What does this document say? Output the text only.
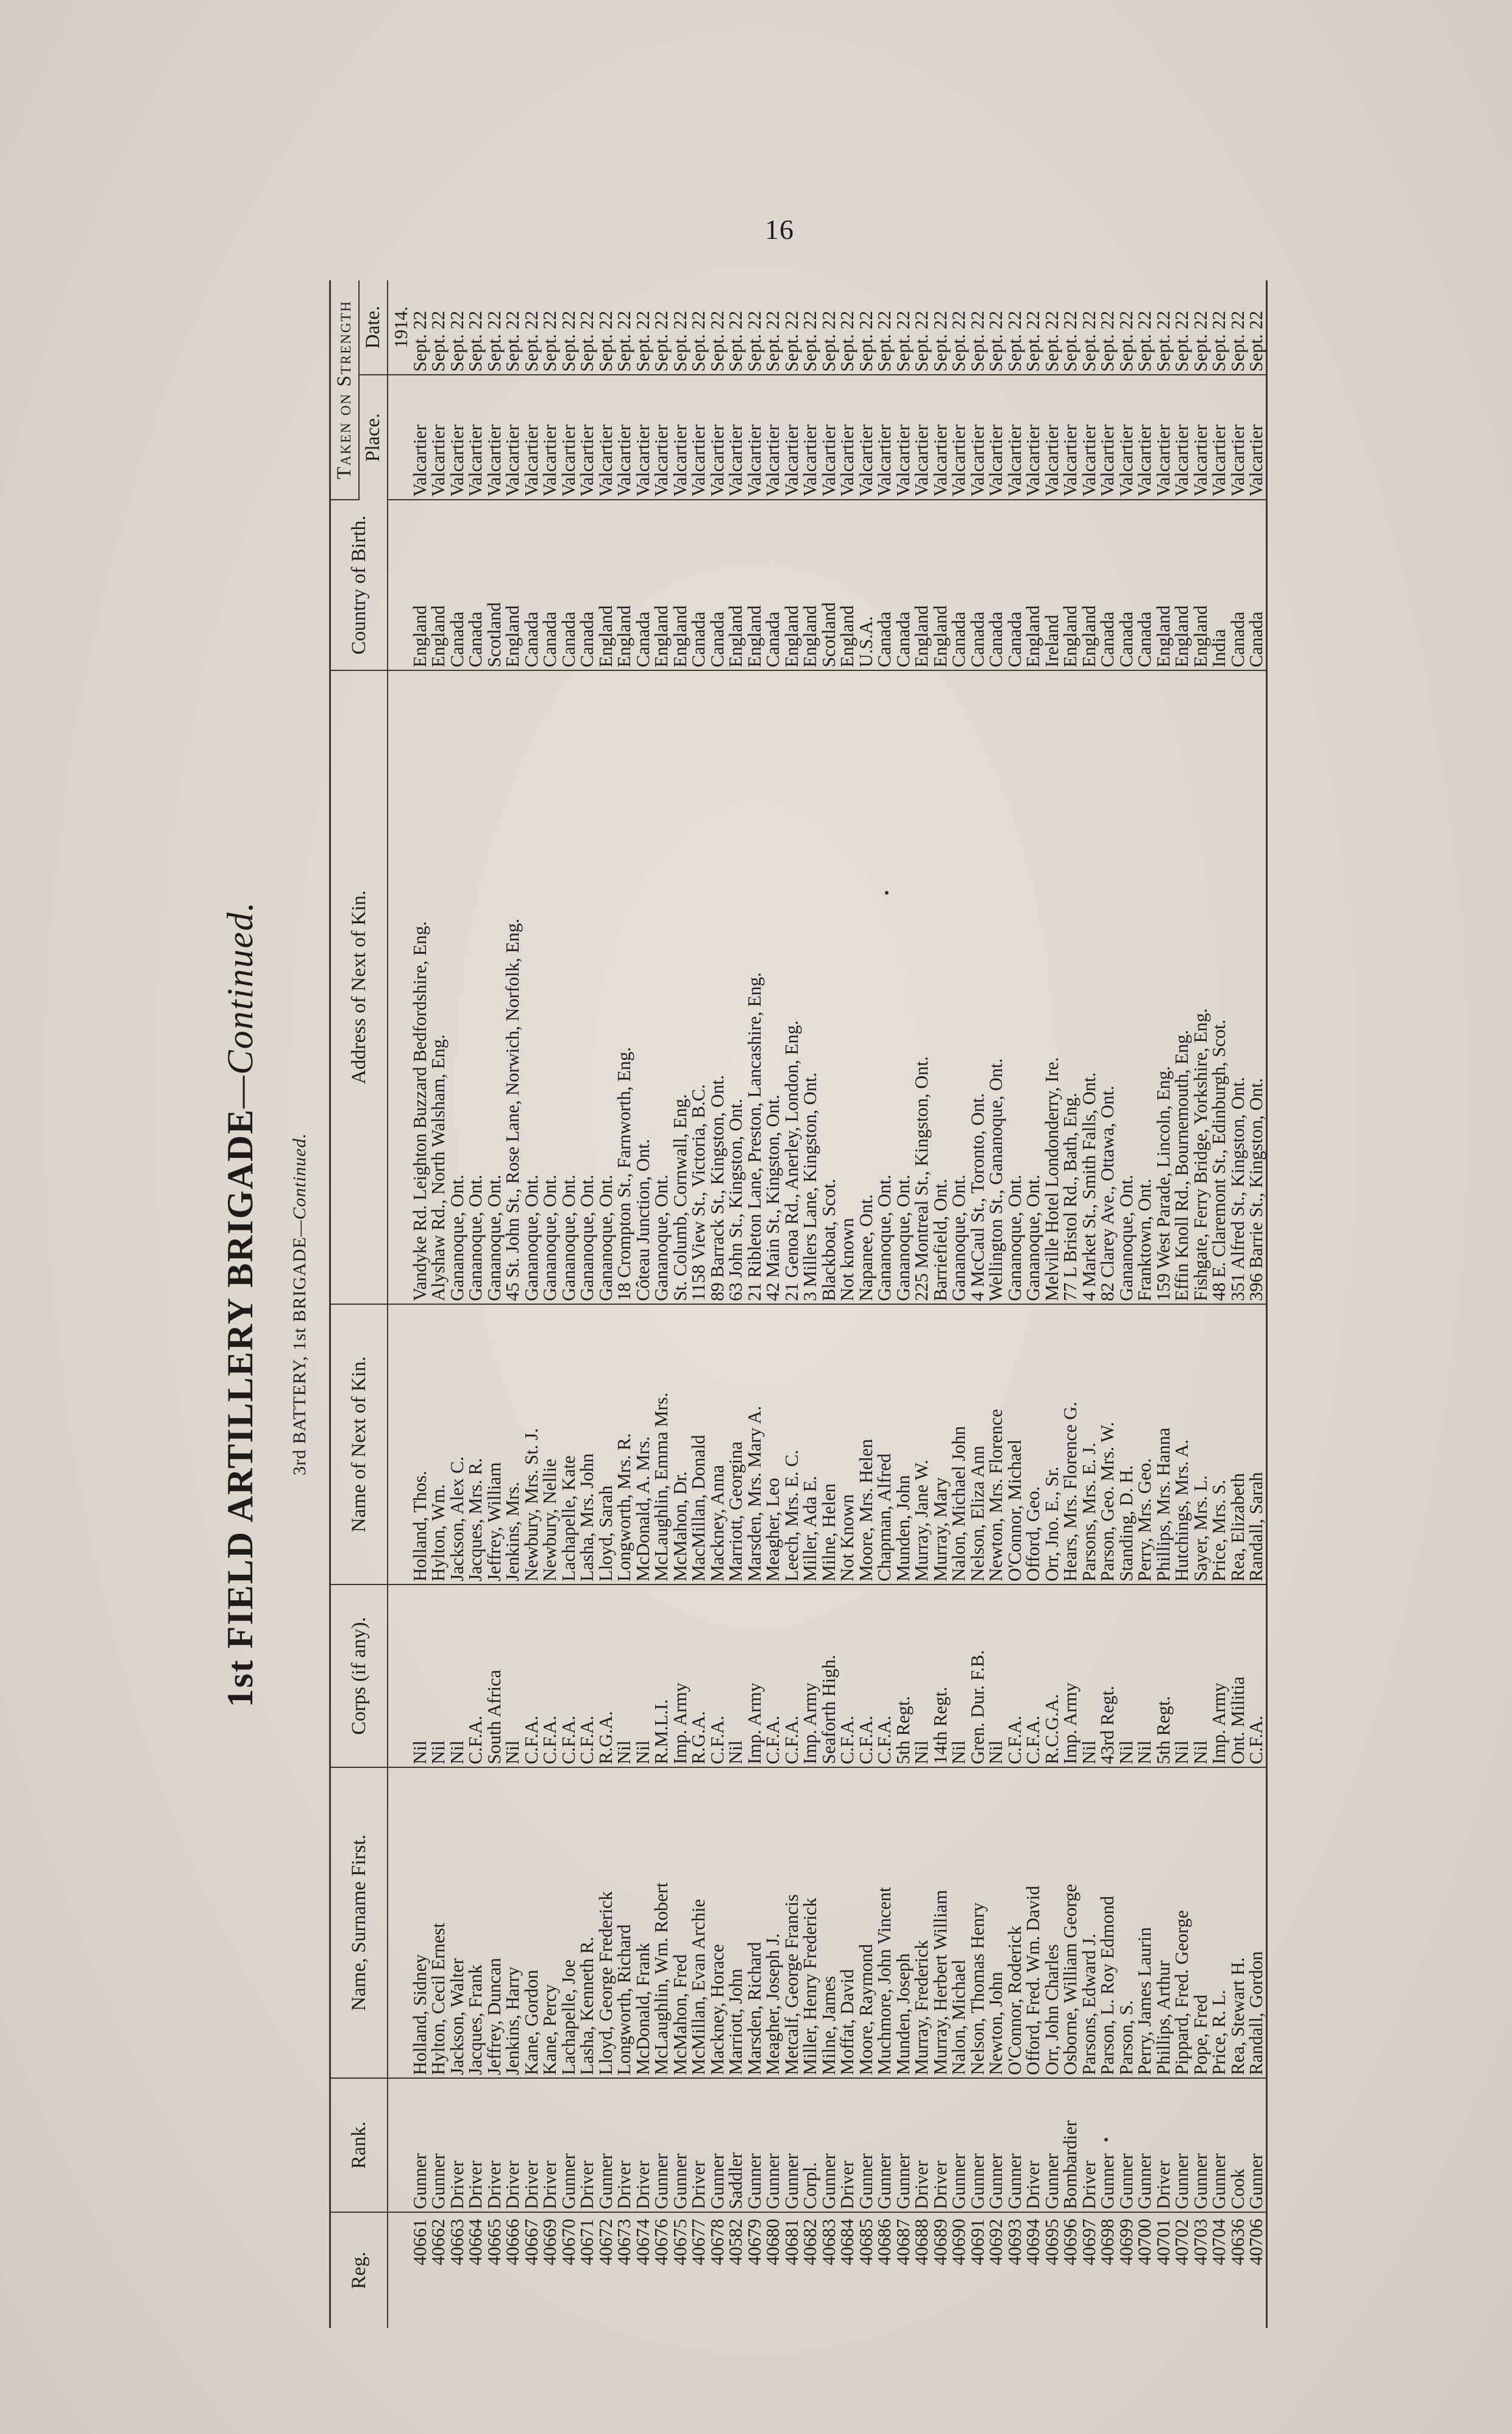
16
1st FIELD ARTILLERY BRIGADE—Continued.
3rd BATTERY, 1st BRIGADE—Continued.
Reg.	Rank.	Name, Surname First.	Corps (if any).	Name of Next of Kin.	Address of Next of Kin.	Country of Birth.	Taken on Strength	
							Place.	Date.
								1914.
40661	Gunner	Holland, Sidney	Nil	Holland, Thos.	Vandyke Rd. Leighton Buzzard Bedfordshire, Eng.	England	Valcartier	Sept. 22
40662	Gunner	Hylton, Cecil Ernest	Nil	Hylton, Wm.	Alyshaw Rd., North Walsham, Eng.	England	Valcartier	Sept. 22
40663	Driver	Jackson, Walter	Nil	Jackson, Alex C.	Gananoque, Ont.	Canada	Valcartier	Sept. 22
40664	Driver	Jacques, Frank	C.F.A.	Jacques, Mrs. R.	Gananoque, Ont.	Canada	Valcartier	Sept. 22
40665	Driver	Jeffrey, Duncan	South Africa	Jeffrey, William	Gananoque, Ont.	Scotland	Valcartier	Sept. 22
40666	Driver	Jenkins, Harry	Nil	Jenkins, Mrs.	45 St. John St., Rose Lane, Norwich, Norfolk, Eng.	England	Valcartier	Sept. 22
40667	Driver	Kane, Gordon	C.F.A.	Newbury, Mrs. St. J.	Gananoque, Ont.	Canada	Valcartier	Sept. 22
40669	Driver	Kane, Percy	C.F.A.	Newbury, Nellie	Gananoque, Ont.	Canada	Valcartier	Sept. 22
40670	Gunner	Lachapelle, Joe	C.F.A.	Lachapelle, Kate	Gananoque, Ont.	Canada	Valcartier	Sept. 22
40671	Driver	Lasha, Kenneth R.	C.F.A.	Lasha, Mrs. John	Gananoque, Ont.	Canada	Valcartier	Sept. 22
40672	Gunner	Lloyd, George Frederick	R.G.A.	Lloyd, Sarah	Gananoque, Ont.	England	Valcartier	Sept. 22
40673	Driver	Longworth, Richard	Nil	Longworth, Mrs. R.	18 Crompton St., Farnworth, Eng.	England	Valcartier	Sept. 22
40674	Driver	McDonald, Frank	Nil	McDonald, A. Mrs.	Côteau Junction, Ont.	Canada	Valcartier	Sept. 22
40676	Gunner	McLaughlin, Wm. Robert	R.M.L.I.	McLaughlin, Emma Mrs.	Gananoque, Ont.	England	Valcartier	Sept. 22
40675	Gunner	McMahon, Fred	Imp. Army	McMahon, Dr.	St. Columb, Cornwall, Eng.	England	Valcartier	Sept. 22
40677	Driver	McMillan, Evan Archie	R.G.A.	MacMillan, Donald	1158 View St., Victoria, B.C.	Canada	Valcartier	Sept. 22
40678	Gunner	Mackney, Horace	C.F.A.	Mackney, Anna	89 Barrack St., Kingston, Ont.	Canada	Valcartier	Sept. 22
40582	Saddler	Marriott, John	Nil	Marriott, Georgina	63 John St., Kingston, Ont.	England	Valcartier	Sept. 22
40679	Gunner	Marsden, Richard	Imp. Army	Marsden, Mrs. Mary A.	21 Ribleton Lane, Preston, Lancashire, Eng.	England	Valcartier	Sept. 22
40680	Gunner	Meagher, Joseph J.	C.F.A.	Meagher, Leo	42 Main St., Kingston, Ont.	Canada	Valcartier	Sept. 22
40681	Gunner	Metcalf, George Francis	C.F.A.	Leech, Mrs. E. C.	21 Genoa Rd., Anerley, London, Eng.	England	Valcartier	Sept. 22
40682	Corpl.	Miller, Henry Frederick	Imp. Army	Miller, Ada E.	3 Millers Lane, Kingston, Ont.	England	Valcartier	Sept. 22
40683	Gunner	Milne, James	Seaforth High.	Milne, Helen	Blackboat, Scot.	Scotland	Valcartier	Sept. 22
40684	Driver	Moffat, David	C.F.A.	Not Known	Not known	England	Valcartier	Sept. 22
40685	Gunner	Moore, Raymond	C.F.A.	Moore, Mrs. Helen	Napanee, Ont.	U.S.A.	Valcartier	Sept. 22
40686	Gunner	Muchmore, John Vincent	C.F.A.	Chapman, Alfred	Gananoque, Ont.	Canada	Valcartier	Sept. 22
40687	Gunner	Munden, Joseph	5th Regt.	Munden, John	Gananoque, Ont.	Canada	Valcartier	Sept. 22
40688	Driver	Murray, Frederick	Nil	Murray, Jane W.	225 Montreal St., Kingston, Ont.	England	Valcartier	Sept. 22
40689	Driver	Murray, Herbert William	14th Regt.	Murray, Mary	Barriefield, Ont.	England	Valcartier	Sept. 22
40690	Gunner	Nalon, Michael	Nil	Nalon, Michael John	Gananoque, Ont.	Canada	Valcartier	Sept. 22
40691	Gunner	Nelson, Thomas Henry	Gren. Dur. F.B.	Nelson, Eliza Ann	4 McCaul St., Toronto, Ont.	Canada	Valcartier	Sept. 22
40692	Gunner	Newton, John	Nil	Newton, Mrs. Florence	Wellington St., Gananoque, Ont.	Canada	Valcartier	Sept. 22
40693	Gunner	O'Connor, Roderick	C.F.A.	O'Connor, Michael	Gananoque, Ont.	Canada	Valcartier	Sept. 22
40694	Driver	Offord, Fred. Wm. David	C.F.A.	Offord, Geo.	Gananoque, Ont.	England	Valcartier	Sept. 22
40695	Gunner	Orr, John Charles	R.C.G.A.	Orr, Jno. E., Sr.	Melville Hotel Londonderry, Ire.	Ireland	Valcartier	Sept. 22
40696	Bombardier	Osborne, William George	Imp. Army	Hears, Mrs. Florence G.	77 L Bristol Rd., Bath, Eng.	England	Valcartier	Sept. 22
40697	Driver	Parsons, Edward J.	Nil	Parsons, Mrs. E. J.	4 Market St., Smith Falls, Ont.	England	Valcartier	Sept. 22
40698	Gunner	Parson, L. Roy Edmond	43rd Regt.	Parson, Geo. Mrs. W.	82 Clarey Ave., Ottawa, Ont.	Canada	Valcartier	Sept. 22
40699	Gunner	Parson, S.	Nil	Standing, D. H.	Gananoque, Ont.	Canada	Valcartier	Sept. 22
40700	Gunner	Perry, James Laurin	Nil	Perry, Mrs. Geo.	Franktown, Ont.	Canada	Valcartier	Sept. 22
40701	Driver	Phillips, Arthur	5th Regt.	Phillips, Mrs. Hanna	159 West Parade, Lincoln, Eng.	England	Valcartier	Sept. 22
40702	Gunner	Pippard, Fred. George	Nil	Hutchings, Mrs. A.	Effin Knoll Rd., Bournemouth, Eng.	England	Valcartier	Sept. 22
40703	Gunner	Pope, Fred	Nil	Sayer, Mrs. L.	Fishgate, Ferry Bridge, Yorkshire, Eng.	England	Valcartier	Sept. 22
40704	Gunner	Price, R. L.	Imp. Army	Price, Mrs. S.	48 E. Claremont St., Edinburgh, Scot.	India	Valcartier	Sept. 22
40636	Cook	Rea, Stewart H.	Ont. Militia	Rea, Elizabeth	351 Alfred St., Kingston, Ont.	Canada	Valcartier	Sept. 22
40706	Gunner	Randall, Gordon	C.F.A.	Randall, Sarah	396 Barrie St., Kingston, Ont.	Canada	Valcartier	Sept. 22
